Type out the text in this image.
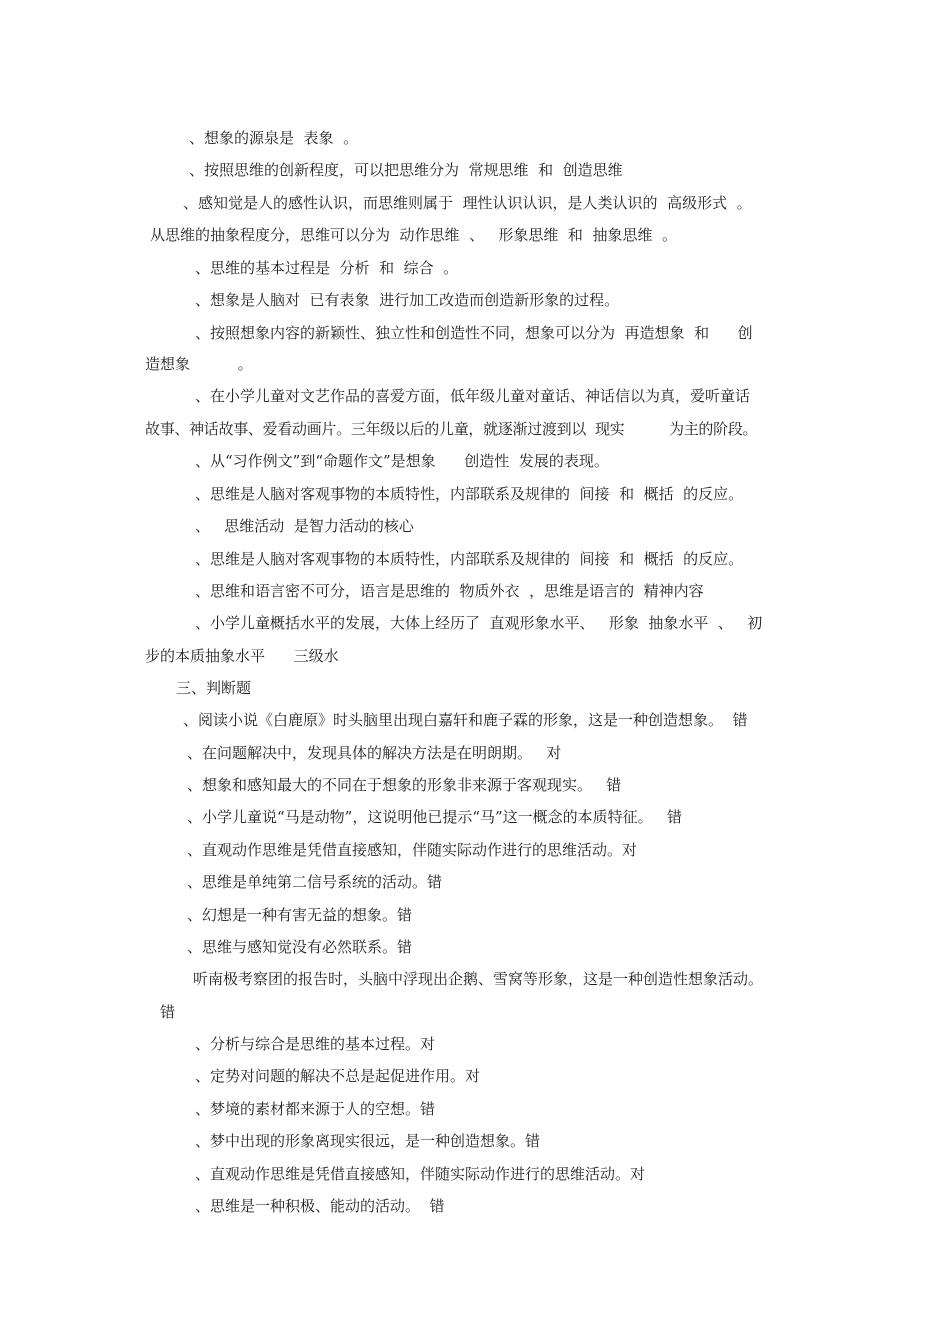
、想象的源泉是  表象  。
、按照思维的创新程度，可以把思维分为  常规思维  和  创造思维
、感知觉是人的感性认识，而思维则属于  理性认识认识，是人类认识的  高级形式  。
从思维的抽象程度分，思维可以分为  动作思维  、   形象思维  和  抽象思维  。
、思维的基本过程是  分析  和  综合  。
、想象是人脑对  已有表象  进行加工改造而创造新形象的过程。
、按照想象内容的新颖性、独立性和创造性不同，想象可以分为  再造想象  和      创
造想象          。
、在小学儿童对文艺作品的喜爱方面，低年级儿童对童话、神话信以为真，爱听童话
故事、神话故事、爱看动画片。三年级以后的儿童，就逐渐过渡到以  现实          为主的阶段。
、从“习作例文”到“命题作文”是想象      创造性  发展的表现。
、思维是人脑对客观事物的本质特性，内部联系及规律的  间接  和  概括  的反应。
、   思维活动  是智力活动的核心
、思维是人脑对客观事物的本质特性，内部联系及规律的  间接  和  概括  的反应。
、思维和语言密不可分，语言是思维的  物质外衣  ，思维是语言的  精神内容
、小学儿童概括水平的发展，大体上经历了  直观形象水平、   形象  抽象水平  、   初
步的本质抽象水平      三级水
三、判断题
、阅读小说《白鹿原》时头脑里出现白嘉轩和鹿子霖的形象，这是一种创造想象。  错
、在问题解决中，发现具体的解决方法是在明朗期。   对
、想象和感知最大的不同在于想象的形象非来源于客观现实。   错
、小学儿童说“马是动物”，这说明他已提示“马”这一概念的本质特征。   错
、直观动作思维是凭借直接感知，伴随实际动作进行的思维活动。对
、思维是单纯第二信号系统的活动。错
、幻想是一种有害无益的想象。错
、思维与感知觉没有必然联系。错
听南极考察团的报告时，头脑中浮现出企鹅、雪窝等形象，这是一种创造性想象活动。
错
、分析与综合是思维的基本过程。对
、定势对问题的解决不总是起促进作用。对
、梦境的素材都来源于人的空想。错
、梦中出现的形象离现实很远，是一种创造想象。错
、直观动作思维是凭借直接感知，伴随实际动作进行的思维活动。对
、思维是一种积极、能动的活动。  错
